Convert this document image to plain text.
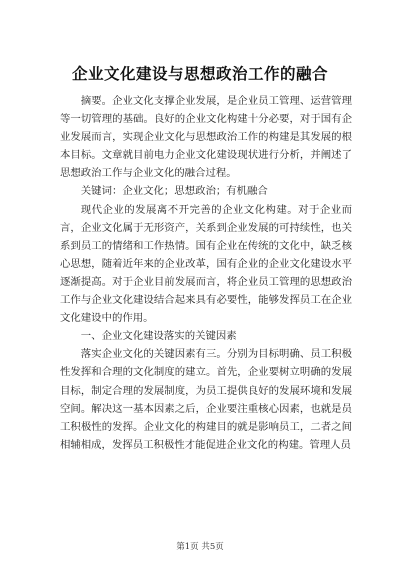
企业文化建设与思想政治工作的融合

摘要。企业文化支撑企业发展，是企业员工管理、运营管理等一切管理的基础。良好的企业文化构建十分必要，对于国有企业发展而言，实现企业文化与思想政治工作的构建是其发展的根本目标。文章就目前电力企业文化建设现状进行分析，并阐述了思想政治工作与企业文化的融合过程。

关键词：企业文化；思想政治；有机融合

现代企业的发展离不开完善的企业文化构建。对于企业而言，企业文化属于无形资产，关系到企业发展的可持续性，也关系到员工的情绪和工作热情。国有企业在传统的文化中，缺乏核心思想，随着近年来的企业改革，国有企业的企业文化建设水平逐渐提高。对于企业目前发展而言，将企业员工管理的思想政治工作与企业文化建设结合起来具有必要性，能够发挥员工在企业文化建设中的作用。

一、企业文化建设落实的关键因素

落实企业文化的关键因素有三。分别为目标明确、员工积极性发挥和合理的文化制度的建立。首先，企业要树立明确的发展目标，制定合理的发展制度，为员工提供良好的发展环境和发展空间。解决这一基本因素之后，企业要注重核心因素，也就是员工积极性的发挥。企业文化的构建目的就是影响员工，二者之间相辅相成，发挥员工积极性才能促进企业文化的构建。管理人员

第1页 共5页
